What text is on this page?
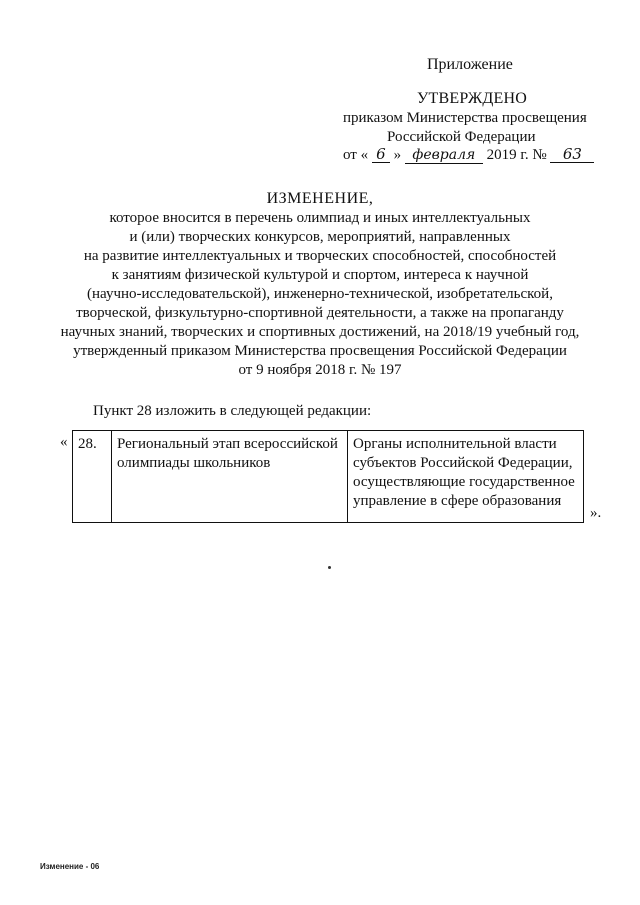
Приложение
УТВЕРЖДЕНО
приказом Министерства просвещения
Российской Федерации
от « 6 » февраля 2019 г. № 63
ИЗМЕНЕНИЕ,
которое вносится в перечень олимпиад и иных интеллектуальных
и (или) творческих конкурсов, мероприятий, направленных
на развитие интеллектуальных и творческих способностей, способностей
к занятиям физической культурой и спортом, интереса к научной
(научно-исследовательской), инженерно-технической, изобретательской,
творческой, физкультурно-спортивной деятельности, а также на пропаганду
научных знаний, творческих и спортивных достижений, на 2018/19 учебный год,
утвержденный приказом Министерства просвещения Российской Федерации
от 9 ноября 2018 г. № 197
Пункт 28 изложить в следующей редакции:
« 28.	Региональный этап всероссийской олимпиады школьников	Органы исполнительной власти субъектов Российской Федерации, осуществляющие государственное управление в сфере образования
».
Изменение - 06
